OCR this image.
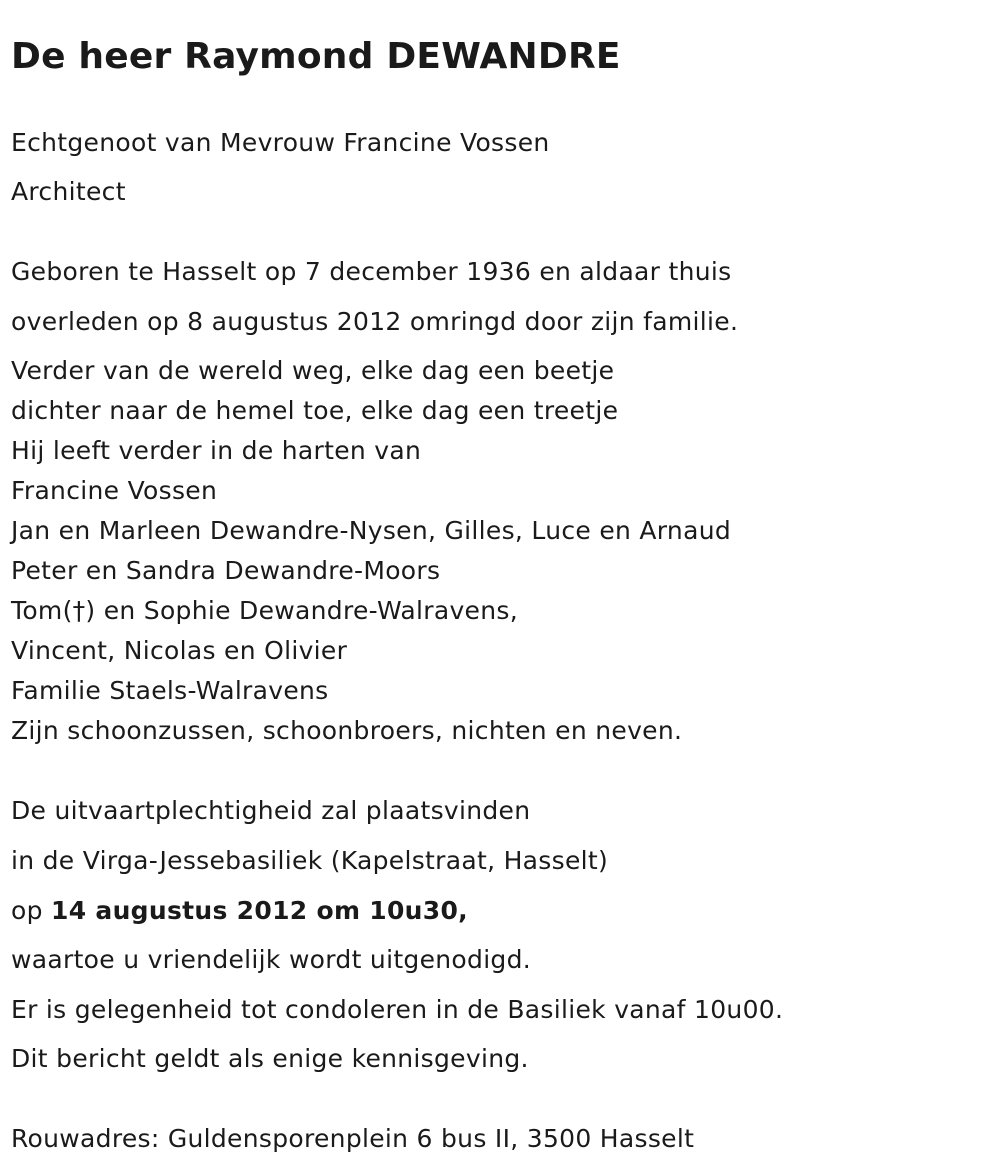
De heer Raymond DEWANDRE

Echtgenoot van Mevrouw Francine Vossen

Architect

Geboren te Hasselt op 7 december 1936 en aldaar thuis

overleden op 8 augustus 2012 omringd door zijn familie.

Verder van de wereld weg, elke dag een beetje

dichter naar de hemel toe, elke dag een treetje

Hij leeft verder in de harten van

Francine Vossen

Jan en Marleen Dewandre-Nysen, Gilles, Luce en Arnaud

Peter en Sandra Dewandre-Moors

Tom(†) en Sophie Dewandre-Walravens,

Vincent, Nicolas en Olivier

Familie Staels-Walravens

Zijn schoonzussen, schoonbroers, nichten en neven.

De uitvaartplechtigheid zal plaatsvinden

in de Virga-Jessebasiliek (Kapelstraat, Hasselt)

op 14 augustus 2012 om 10u30,

waartoe u vriendelijk wordt uitgenodigd.

Er is gelegenheid tot condoleren in de Basiliek vanaf 10u00.

Dit bericht geldt als enige kennisgeving.

Rouwadres: Guldensporenplein 6 bus II, 3500 Hasselt
